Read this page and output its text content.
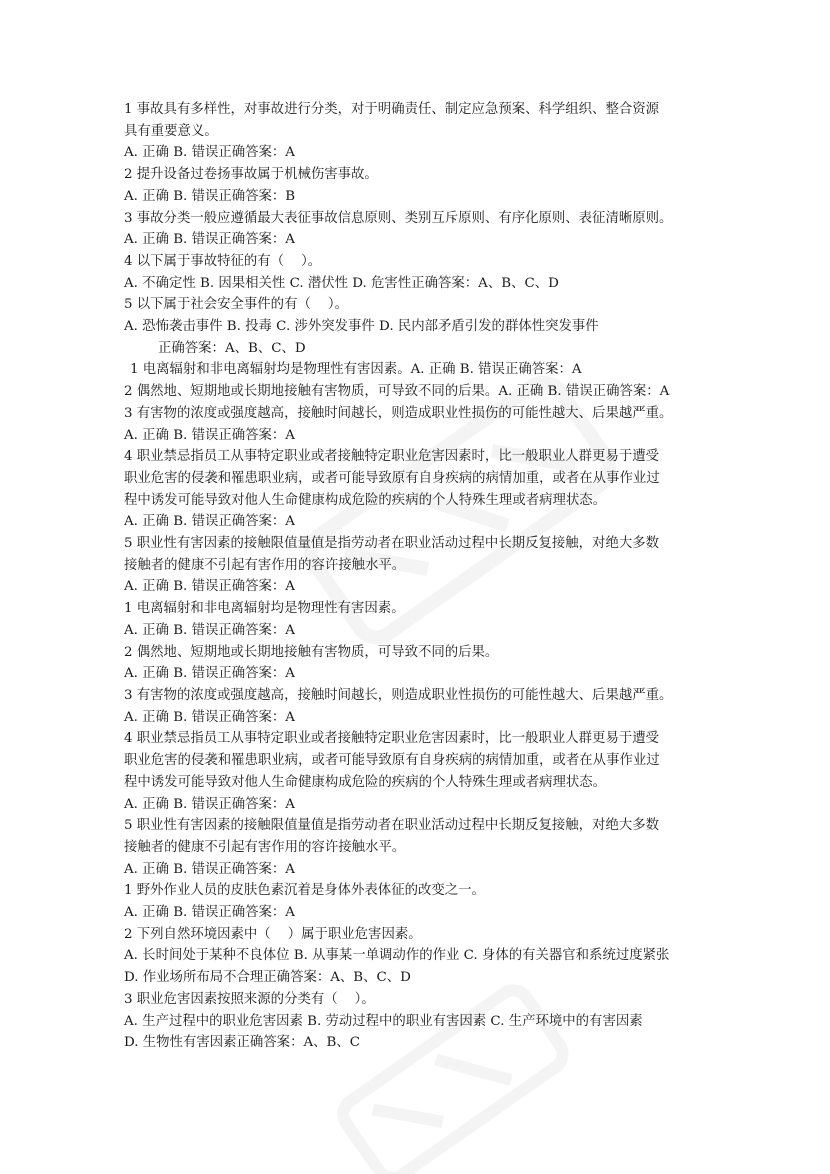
1 事故具有多样性，对事故进行分类，对于明确责任、制定应急预案、科学组织、整合资源
具有重要意义。
A. 正确 B. 错误正确答案：A
2 提升设备过卷扬事故属于机械伤害事故。
A. 正确 B. 错误正确答案：B
3 事故分类一般应遵循最大表征事故信息原则、类别互斥原则、有序化原则、表征清晰原则。
A. 正确 B. 错误正确答案：A
4 以下属于事故特征的有（    ）。
A. 不确定性 B. 因果相关性 C. 潜伏性 D. 危害性正确答案：A、B、C、D
5 以下属于社会安全事件的有（    ）。
A. 恐怖袭击事件 B. 投毒 C. 涉外突发事件 D. 民内部矛盾引发的群体性突发事件
正确答案：A、B、C、D
1 电离辐射和非电离辐射均是物理性有害因素。A. 正确 B. 错误正确答案：A
2 偶然地、短期地或长期地接触有害物质，可导致不同的后果。A. 正确 B. 错误正确答案：A
3 有害物的浓度或强度越高，接触时间越长，则造成职业性损伤的可能性越大、后果越严重。
A. 正确 B. 错误正确答案：A
4 职业禁忌指员工从事特定职业或者接触特定职业危害因素时，比一般职业人群更易于遭受
职业危害的侵袭和罹患职业病，或者可能导致原有自身疾病的病情加重，或者在从事作业过
程中诱发可能导致对他人生命健康构成危险的疾病的个人特殊生理或者病理状态。
A. 正确 B. 错误正确答案：A
5 职业性有害因素的接触限值量值是指劳动者在职业活动过程中长期反复接触，对绝大多数
接触者的健康不引起有害作用的容许接触水平。
A. 正确 B. 错误正确答案：A
1 电离辐射和非电离辐射均是物理性有害因素。
A. 正确 B. 错误正确答案：A
2 偶然地、短期地或长期地接触有害物质，可导致不同的后果。
A. 正确 B. 错误正确答案：A
3 有害物的浓度或强度越高，接触时间越长，则造成职业性损伤的可能性越大、后果越严重。
A. 正确 B. 错误正确答案：A
4 职业禁忌指员工从事特定职业或者接触特定职业危害因素时，比一般职业人群更易于遭受
职业危害的侵袭和罹患职业病，或者可能导致原有自身疾病的病情加重，或者在从事作业过
程中诱发可能导致对他人生命健康构成危险的疾病的个人特殊生理或者病理状态。
A. 正确 B. 错误正确答案：A
5 职业性有害因素的接触限值量值是指劳动者在职业活动过程中长期反复接触，对绝大多数
接触者的健康不引起有害作用的容许接触水平。
A. 正确 B. 错误正确答案：A
1 野外作业人员的皮肤色素沉着是身体外表体征的改变之一。
A. 正确 B. 错误正确答案：A
2 下列自然环境因素中（    ）属于职业危害因素。
A. 长时间处于某种不良体位 B. 从事某一单调动作的作业 C. 身体的有关器官和系统过度紧张
D. 作业场所布局不合理正确答案：A、B、C、D
3 职业危害因素按照来源的分类有（    ）。
A. 生产过程中的职业危害因素 B. 劳动过程中的职业有害因素 C. 生产环境中的有害因素
D. 生物性有害因素正确答案：A、B、C
